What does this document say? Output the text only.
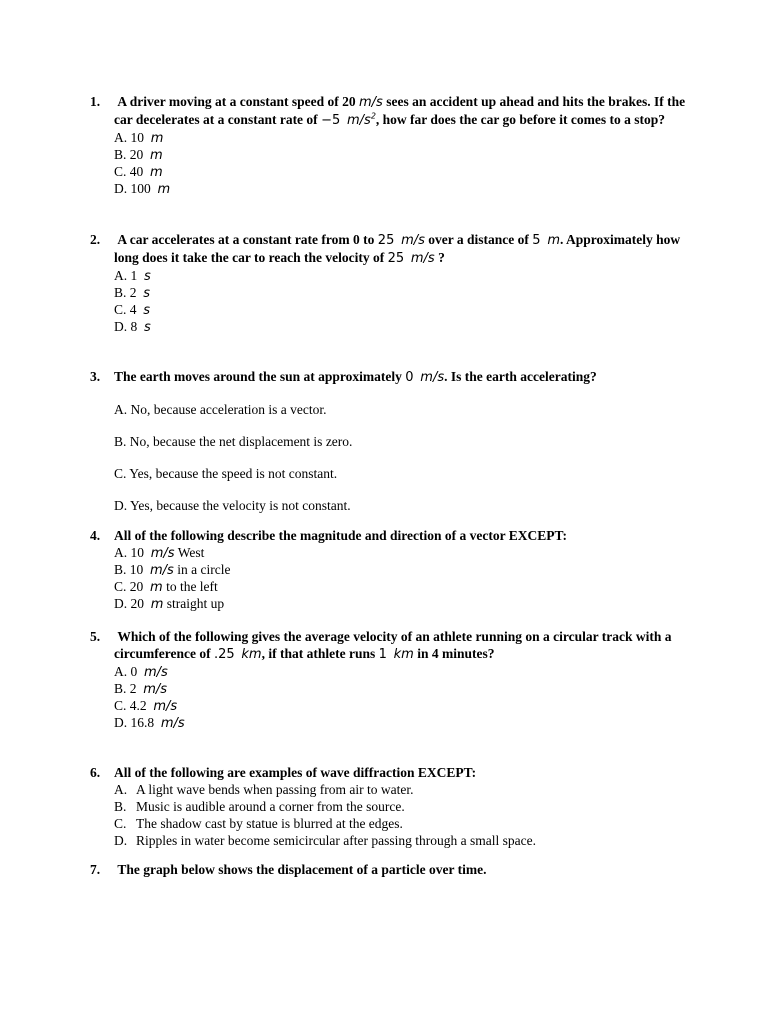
1.	A driver moving at a constant speed of 20 m/s sees an accident up ahead and hits the brakes. If the car decelerates at a constant rate of −5 $m/s^2$, how far does the car go before it comes to a stop?
A. 10 m
B. 20 m
C. 40 m
D. 100 m
2.	A car accelerates at a constant rate from 0 to 25 m/s over a distance of 5 m. Approximately how long does it take the car to reach the velocity of 25 m/s ?
A. 1 s
B. 2 s
C. 4 s
D. 8 s
3.	The earth moves around the sun at approximately 0 m/s. Is the earth accelerating?
A. No, because acceleration is a vector.
B. No, because the net displacement is zero.
C. Yes, because the speed is not constant.
D. Yes, because the velocity is not constant.
4.	All of the following describe the magnitude and direction of a vector EXCEPT:
A. 10 m/s West
B. 10 m/s in a circle
C. 20 m to the left
D. 20 m straight up
5.	Which of the following gives the average velocity of an athlete running on a circular track with a circumference of .25 km, if that athlete runs 1 km in 4 minutes?
A. 0 m/s
B. 2 m/s
C. 4.2 m/s
D. 16.8 m/s
6.	All of the following are examples of wave diffraction EXCEPT:
A. A light wave bends when passing from air to water.
B. Music is audible around a corner from the source.
C. The shadow cast by statue is blurred at the edges.
D. Ripples in water become semicircular after passing through a small space.
7.	The graph below shows the displacement of a particle over time.
